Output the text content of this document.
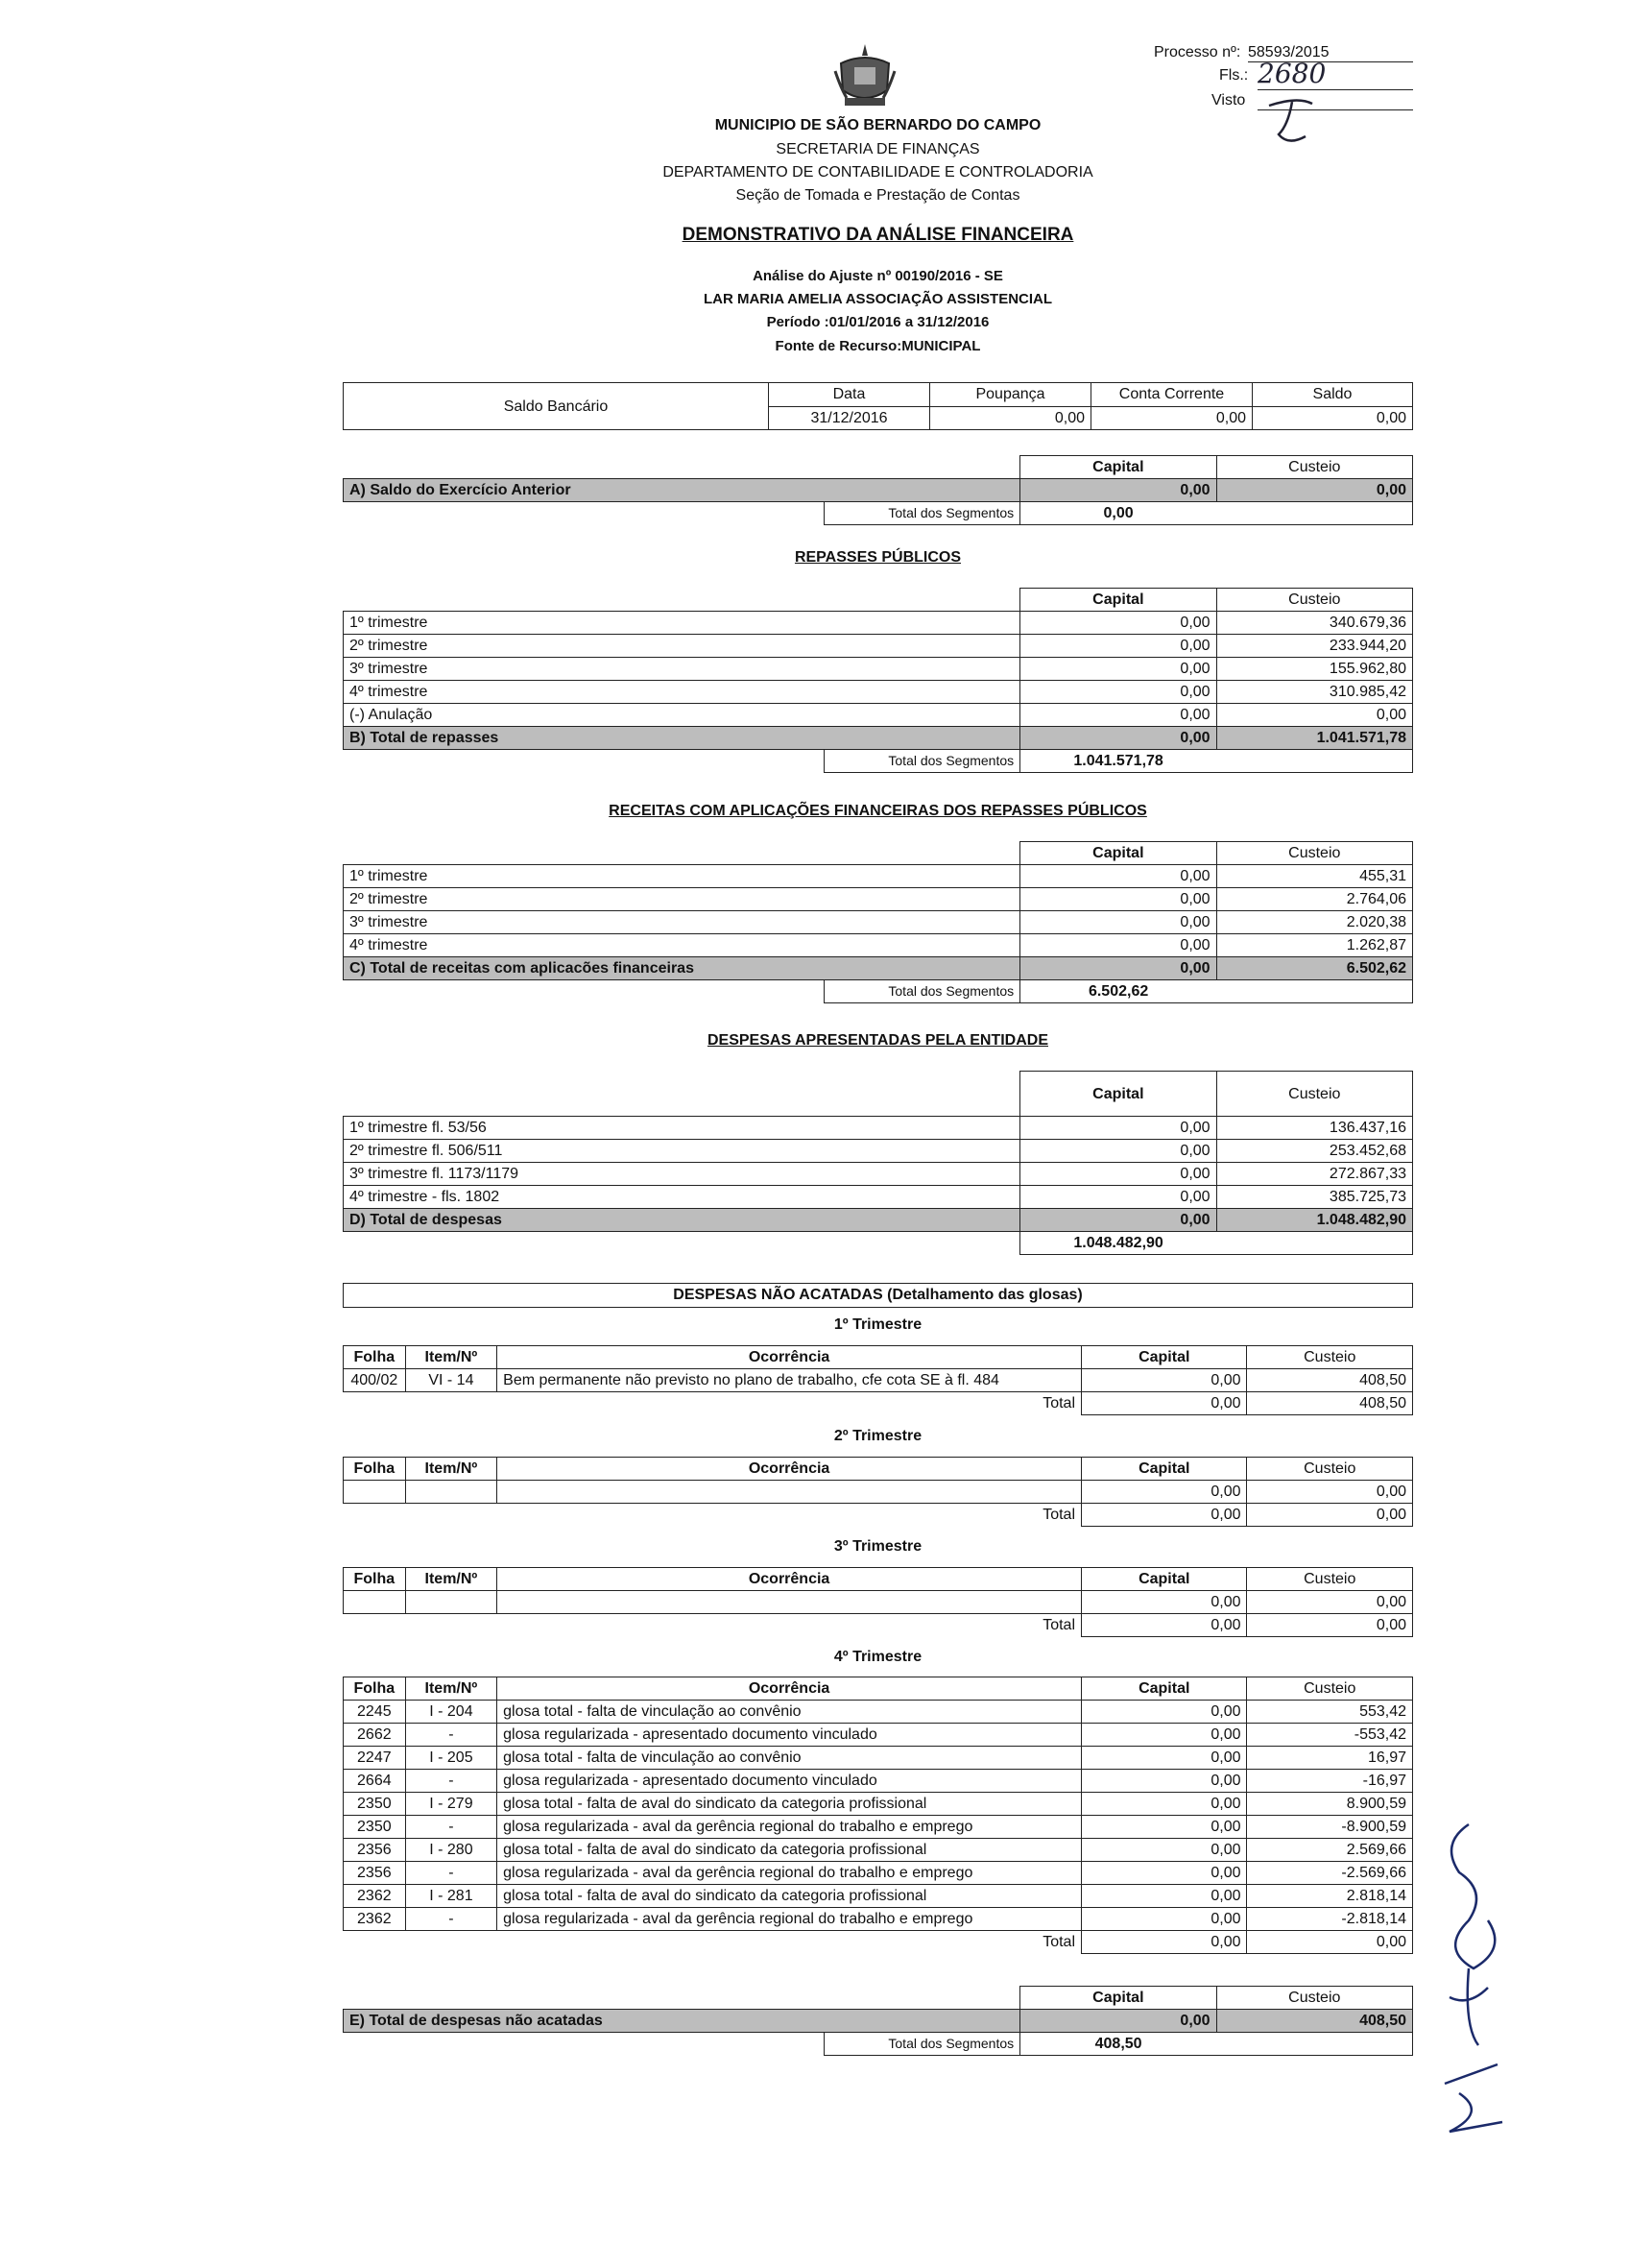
MUNICIPIO DE SÃO BERNARDO DO CAMPO
SECRETARIA DE FINANÇAS
DEPARTAMENTO DE CONTABILIDADE E CONTROLADORIA
Seção de Tomada e Prestação de Contas
DEMONSTRATIVO DA ANÁLISE FINANCEIRA
Análise do Ajuste nº 00190/2016 - SE
LAR MARIA AMELIA ASSOCIAÇÃO ASSISTENCIAL
Período :01/01/2016 a 31/12/2016
Fonte de Recurso:MUNICIPAL
Processo nº: 58593/2015
Fls.: 2680
Visto
Saldo Bancário	Data	Poupança	Conta Corrente	Saldo
	31/12/2016	0,00	0,00	0,00
		Capital	Custeio
A) Saldo do Exercício Anterior		0,00	0,00
	Total dos Segmentos	0,00	
REPASSES PÚBLICOS
		Capital	Custeio
1º trimestre		0,00	340.679,36
2º trimestre		0,00	233.944,20
3º trimestre		0,00	155.962,80
4º trimestre		0,00	310.985,42
(-) Anulação		0,00	0,00
B) Total de repasses		0,00	1.041.571,78
	Total dos Segmentos	1.041.571,78	
RECEITAS COM APLICAÇÕES FINANCEIRAS DOS REPASSES PÚBLICOS
		Capital	Custeio
1º trimestre		0,00	455,31
2º trimestre		0,00	2.764,06
3º trimestre		0,00	2.020,38
4º trimestre		0,00	1.262,87
C) Total de receitas com aplicacões financeiras		0,00	6.502,62
	Total dos Segmentos	6.502,62	
DESPESAS APRESENTADAS PELA ENTIDADE
		Capital	Custeio
1º trimestre fl. 53/56		0,00	136.437,16
2º trimestre fl. 506/511		0,00	253.452,68
3º trimestre fl. 1173/1179		0,00	272.867,33
4º trimestre - fls. 1802		0,00	385.725,73
D) Total de despesas		0,00	1.048.482,90
		1.048.482,90	
DESPESAS NÃO ACATADAS (Detalhamento das glosas)
1º Trimestre
Folha	Item/Nº	Ocorrência	Capital	Custeio
400/02	VI - 14	Bem permanente não previsto no plano de trabalho, cfe cota SE à fl. 484	0,00	408,50
		Total	0,00	408,50
2º Trimestre
Folha	Item/Nº	Ocorrência	Capital	Custeio
			0,00	0,00
		Total	0,00	0,00
3º Trimestre
Folha	Item/Nº	Ocorrência	Capital	Custeio
			0,00	0,00
		Total	0,00	0,00
4º Trimestre
Folha	Item/Nº	Ocorrência	Capital	Custeio
2245	I - 204	glosa total - falta de vinculação ao convênio	0,00	553,42
2662	-	glosa regularizada - apresentado documento vinculado	0,00	-553,42
2247	I - 205	glosa total - falta de vinculação ao convênio	0,00	16,97
2664	-	glosa regularizada - apresentado documento vinculado	0,00	-16,97
2350	I - 279	glosa total - falta de aval do sindicato da categoria profissional	0,00	8.900,59
2350	-	glosa regularizada - aval da gerência regional do trabalho e emprego	0,00	-8.900,59
2356	I - 280	glosa total - falta de aval do sindicato da categoria profissional	0,00	2.569,66
2356	-	glosa regularizada - aval da gerência regional do trabalho e emprego	0,00	-2.569,66
2362	I - 281	glosa total - falta de aval do sindicato da categoria profissional	0,00	2.818,14
2362	-	glosa regularizada - aval da gerência regional do trabalho e emprego	0,00	-2.818,14
		Total	0,00	0,00
		Capital	Custeio
E) Total de despesas não acatadas		0,00	408,50
	Total dos Segmentos	408,50	
